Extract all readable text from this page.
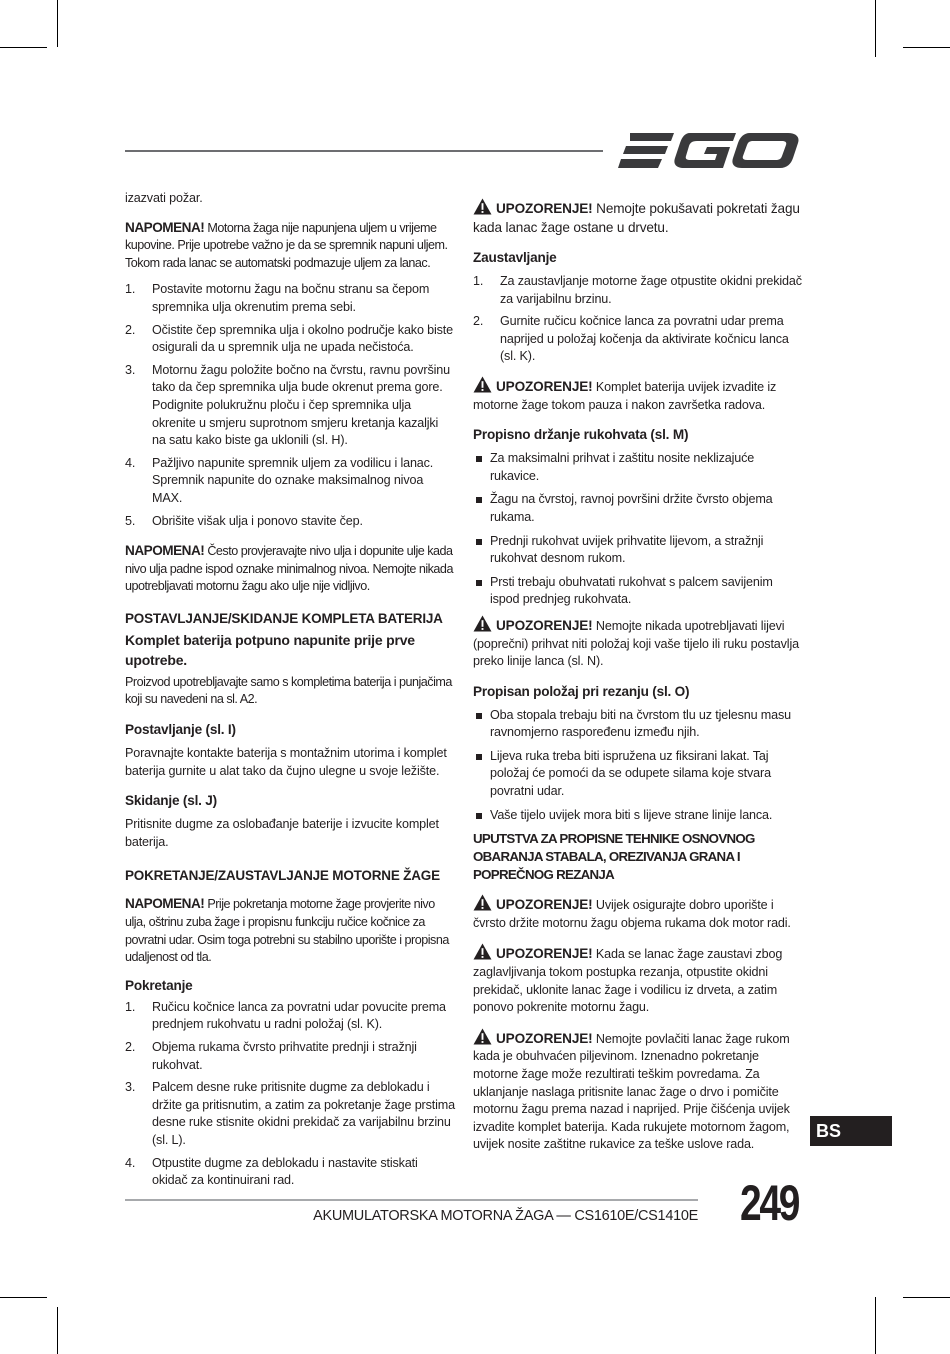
izazvati požar.

NAPOMENA! Motorna žaga nije napunjena uljem u vrijeme kupovine. Prije upotrebe važno je da se spremnik napuni uljem. Tokom rada lanac se automatski podmazuje uljem za lanac.

1. Postavite motornu žagu na bočnu stranu sa čepom spremnika ulja okrenutim prema sebi.
2. Očistite čep spremnika ulja i okolno područje kako biste osigurali da u spremnik ulja ne upada nečistoća.
3. Motornu žagu položite bočno na čvrstu, ravnu površinu tako da čep spremnika ulja bude okrenut prema gore. Podignite polukružnu ploču i čep spremnika ulja okrenite u smjeru suprotnom smjeru kretanja kazaljki na satu kako biste ga uklonili (sl. H).
4. Pažljivo napunite spremnik uljem za vodilicu i lanac. Spremnik napunite do oznake maksimalnog nivoa MAX.
5. Obrišite višak ulja i ponovo stavite čep.

NAPOMENA! Često provjeravajte nivo ulja i dopunite ulje kada nivo ulja padne ispod oznake minimalnog nivoa. Nemojte nikada upotrebljavati motornu žagu ako ulje nije vidljivo.

POSTAVLJANJE/SKIDANJE KOMPLETA BATERIJA
Komplet baterija potpuno napunite prije prve upotrebe.

Proizvod upotrebljavajte samo s kompletima baterija i punjačima koji su navedeni na sl. A2.

Postavljanje (sl. I)

Poravnajte kontakte baterija s montažnim utorima i komplet baterija gurnite u alat tako da čujno ulegne u svoje ležište.

Skidanje (sl. J)

Pritisnite dugme za oslobađanje baterije i izvucite komplet baterija.

POKRETANJE/ZAUSTAVLJANJE MOTORNE ŽAGE

NAPOMENA! Prije pokretanja motorne žage provjerite nivo ulja, oštrinu zuba žage i propisnu funkciju ručice kočnice za povratni udar. Osim toga potrebni su stabilno uporište i propisna udaljenost od tla.

Pokretanje
1. Ručicu kočnice lanca za povratni udar povucite prema prednjem rukohvatu u radni položaj (sl. K).
2. Objema rukama čvrsto prihvatite prednji i stražnji rukohvat.
3. Palcem desne ruke pritisnite dugme za deblokadu i držite ga pritisnutim, a zatim za pokretanje žage prstima desne ruke stisnite okidni prekidač za varijabilnu brzinu (sl. L).
4. Otpustite dugme za deblokadu i nastavite stiskati okidač za kontinuirani rad.

UPOZORENJE! Nemojte pokušavati pokretati žagu kada lanac žage ostane u drvetu.

Zaustavljanje
1. Za zaustavljanje motorne žage otpustite okidni prekidač za varijabilnu brzinu.
2. Gurnite ručicu kočnice lanca za povratni udar prema naprijed u položaj kočenja da aktivirate kočnicu lanca (sl. K).

UPOZORENJE! Komplet baterija uvijek izvadite iz motorne žage tokom pauza i nakon završetka radova.

Propisno držanje rukohvata (sl. M)
Za maksimalni prihvat i zaštitu nosite neklizajuće rukavice.
Žagu na čvrstoj, ravnoj površini držite čvrsto objema rukama.
Prednji rukohvat uvijek prihvatite lijevom, a stražnji rukohvat desnom rukom.
Prsti trebaju obuhvatati rukohvat s palcem savijenim ispod prednjeg rukohvata.

UPOZORENJE! Nemojte nikada upotrebljavati lijevi (poprečni) prihvat niti položaj koji vaše tijelo ili ruku postavlja preko linije lanca (sl. N).

Propisan položaj pri rezanju (sl. O)
Oba stopala trebaju biti na čvrstom tlu uz tjelesnu masu ravnomjerno raspoređenu između njih.
Lijeva ruka treba biti ispružena uz fiksirani lakat. Taj položaj će pomoći da se odupete silama koje stvara povratni udar.
Vaše tijelo uvijek mora biti s lijeve strane linije lanca.
UPUTSTVA ZA PROPISNE TEHNIKE OSNOVNOG OBARANJA STABALA, OREZIVANJA GRANA I POPREČNOG REZANJA

UPOZORENJE! Uvijek osigurajte dobro uporište i čvrsto držite motornu žagu objema rukama dok motor radi.

UPOZORENJE! Kada se lanac žage zaustavi zbog zaglavljivanja tokom postupka rezanja, otpustite okidni prekidač, uklonite lanac žage i vodilicu iz drveta, a zatim ponovo pokrenite motornu žagu.

UPOZORENJE! Nemojte povlačiti lanac žage rukom kada je obuhvaćen piljevinom. Iznenadno pokretanje motorne žage može rezultirati teškim povredama. Za uklanjanje naslaga pritisnite lanac žage o drvo i pomičite motornu žagu prema nazad i naprijed. Prije čišćenja uvijek izvadite komplet baterija. Kada rukujete motornom žagom, uvijek nosite zaštitne rukavice za teške uslove rada.

BS
AKUMULATORSKA MOTORNA ŽAGA — CS1610E/CS1410E 249
